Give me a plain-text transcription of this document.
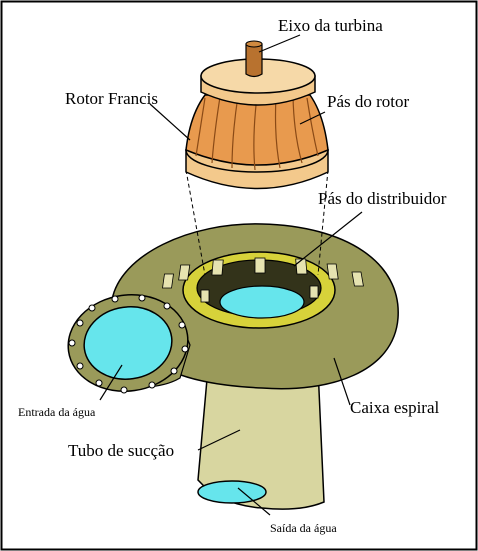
Eixo da turbina
Rotor Francis	Pás do rotor
Pás do distribuidor
Caixa espiral
Entrada da água
Tubo de sucção
Saída da água
